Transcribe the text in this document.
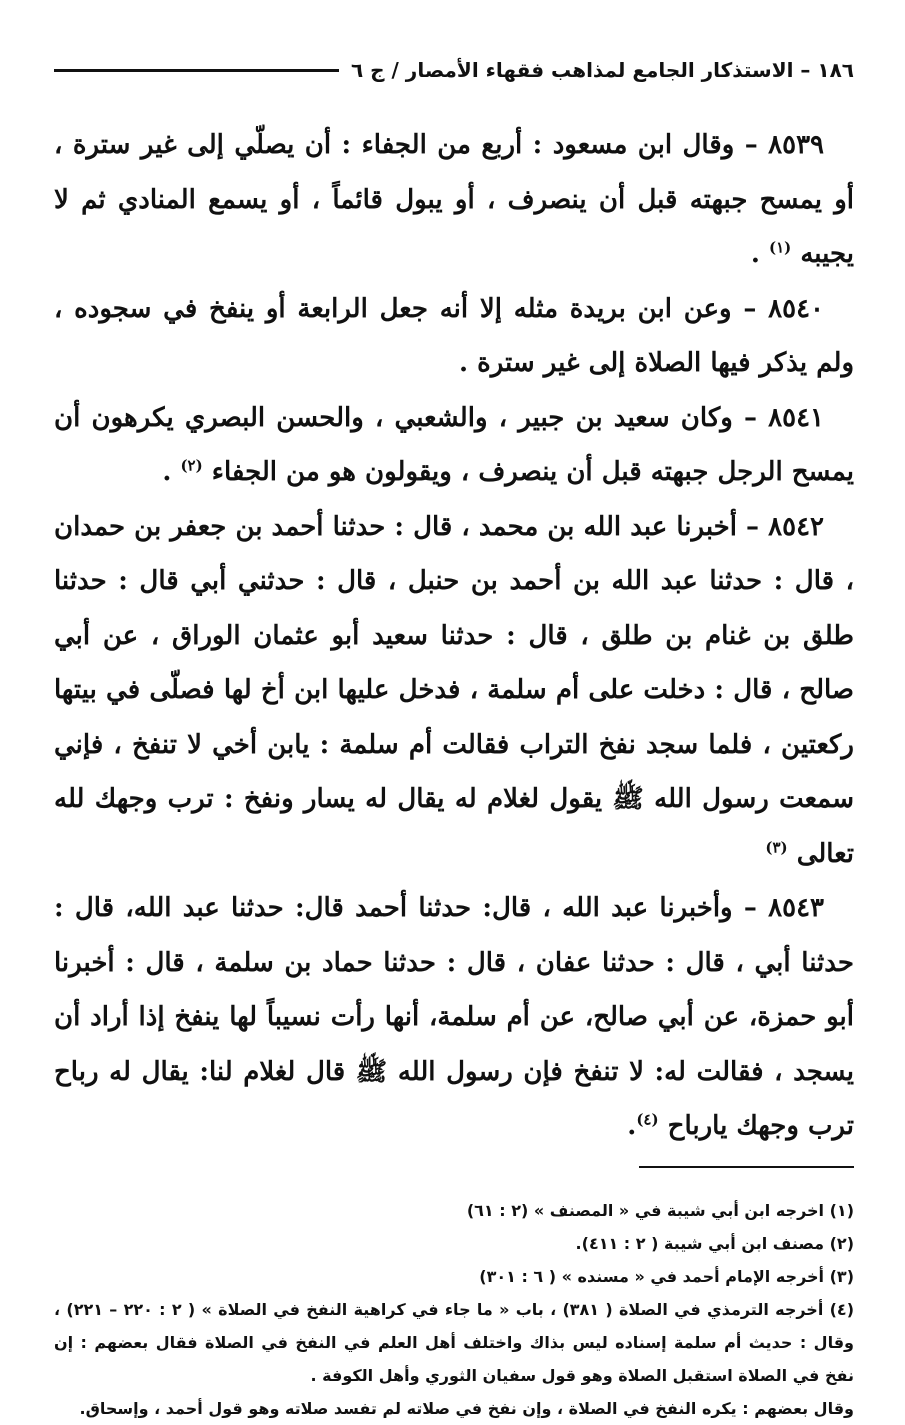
١٨٦ – الاستذكار الجامع لمذاهب فقهاء الأمصار / ج ٦

٨٥٣٩ – وقال ابن مسعود : أربع من الجفاء : أن يصلّي إلى غير سترة ، أو يمسح جبهته قبل أن ينصرف ، أو يبول قائماً ، أو يسمع المنادي ثم لا يجيبه $^{(١)}$ .

٨٥٤٠ – وعن ابن بريدة مثله إلا أنه جعل الرابعة أو ينفخ في سجوده ، ولم يذكر فيها الصلاة إلى غير سترة .

٨٥٤١ – وكان سعيد بن جبير ، والشعبي ، والحسن البصري يكرهون أن يمسح الرجل جبهته قبل أن ينصرف ، ويقولون هو من الجفاء $^{(٢)}$ .

٨٥٤٢ – أخبرنا عبد الله بن محمد ، قال : حدثنا أحمد بن جعفر بن حمدان ، قال : حدثنا عبد الله بن أحمد بن حنبل ، قال : حدثني أبي قال : حدثنا طلق بن غنام بن طلق ، قال : حدثنا سعيد أبو عثمان الوراق ، عن أبي صالح ، قال : دخلت على أم سلمة ، فدخل عليها ابن أخ لها فصلّى في بيتها ركعتين ، فلما سجد نفخ التراب فقالت أم سلمة : يابن أخي لا تنفخ ، فإني سمعت رسول الله ﷺ يقول لغلام له يقال له يسار ونفخ : ترب وجهك لله تعالى $^{(٣)}$

٨٥٤٣ – وأخبرنا عبد الله ، قال: حدثنا أحمد قال: حدثنا عبد الله، قال : حدثنا أبي ، قال : حدثنا عفان ، قال : حدثنا حماد بن سلمة ، قال : أخبرنا أبو حمزة، عن أبي صالح، عن أم سلمة، أنها رأت نسيباً لها ينفخ إذا أراد أن يسجد ، فقالت له: لا تنفخ فإن رسول الله ﷺ قال لغلام لنا: يقال له رباح ترب وجهك يارباح $^{(٤)}$.

(١) اخرجه ابن أبي شيبة في « المصنف » (٢ : ٦١)

(٢) مصنف ابن أبي شيبة ( ٢ : ٤١١).

(٣) أخرجه الإمام أحمد في « مسنده » ( ٦ : ٣٠١)

(٤) أخرجه الترمذي في الصلاة ( ٣٨١) ، باب « ما جاء في كراهية النفخ في الصلاة » ( ٢ : ٢٢٠ – ٢٢١) ، وقال : حديث أم سلمة إسناده ليس بذاك واختلف أهل العلم في النفخ في الصلاة فقال بعضهم : إن نفخ في الصلاة استقبل الصلاة وهو قول سفيان الثوري وأهل الكوفة .

وقال بعضهم : يكره النفخ في الصلاة ، وإن نفخ في صلاته لم تفسد صلاته وهو قول أحمد ، وإسحاق.
